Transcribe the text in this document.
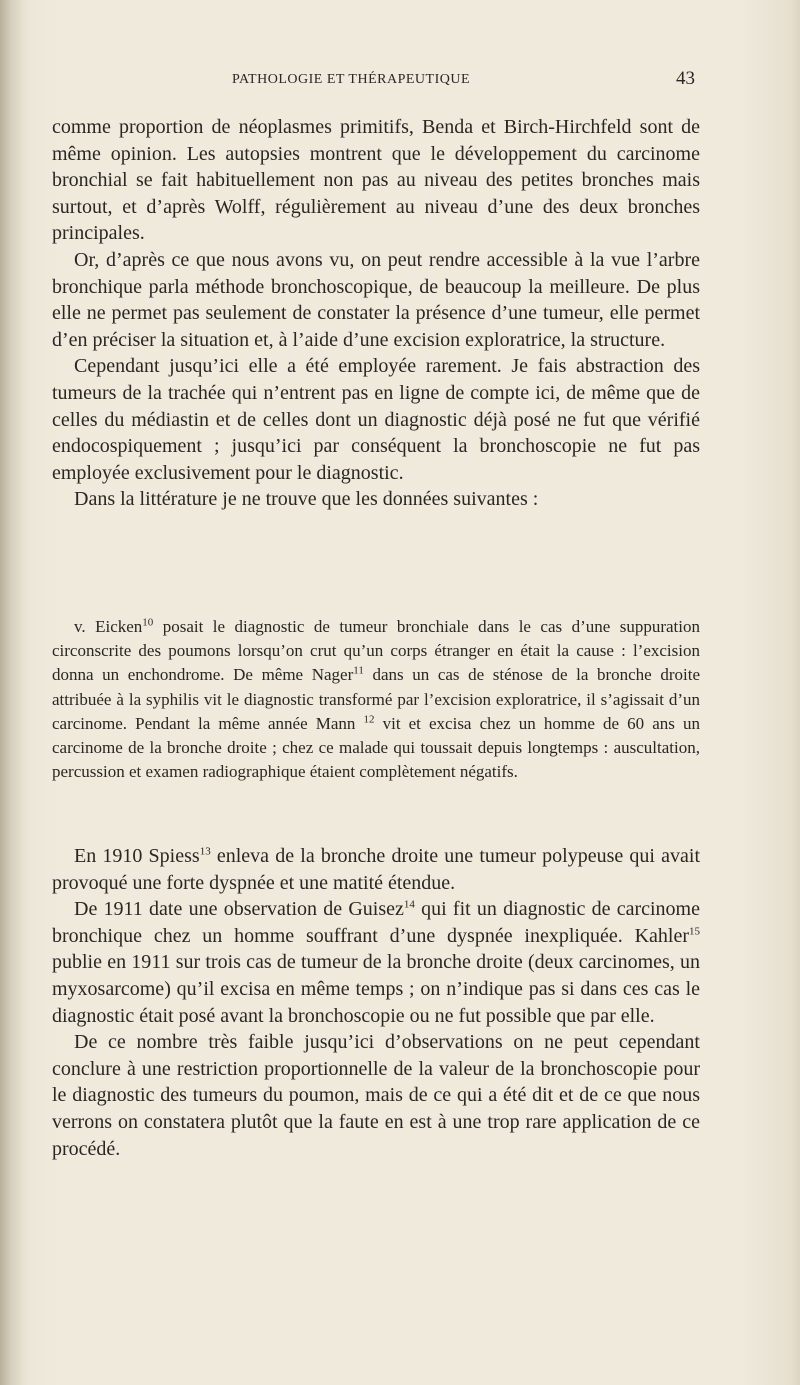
PATHOLOGIE ET THÉRAPEUTIQUE	43

comme proportion de néoplasmes primitifs, Benda et Birch-Hirchfeld sont de même opinion. Les autopsies montrent que le développement du carcinome bronchial se fait habituellement non pas au niveau des petites bronches mais surtout, et d’après Wolff, régulièrement au niveau d’une des deux bronches principales.

Or, d’après ce que nous avons vu, on peut rendre accessible à la vue l’arbre bronchique parla méthode bronchoscopique, de beaucoup la meilleure. De plus elle ne permet pas seulement de constater la présence d’une tumeur, elle permet d’en préciser la situation et, à l’aide d’une excision exploratrice, la structure.

Cependant jusqu’ici elle a été employée rarement. Je fais abstraction des tumeurs de la trachée qui n’entrent pas en ligne de compte ici, de même que de celles du médiastin et de celles dont un diagnostic déjà posé ne fut que vérifié endocospiquement ; jusqu’ici par conséquent la bronchoscopie ne fut pas employée exclusivement pour le diagnostic.

Dans la littérature je ne trouve que les données suivantes :

v. Eicken$^{10}$ posait le diagnostic de tumeur bronchiale dans le cas d’une suppuration circonscrite des poumons lorsqu’on crut qu’un corps étranger en était la cause : l’excision donna un enchondrome. De même Nager$^{11}$ dans un cas de sténose de la bronche droite attribuée à la syphilis vit le diagnostic transformé par l’excision exploratrice, il s’agissait d’un carcinome. Pendant la même année Mann $^{12}$ vit et excisa chez un homme de 60 ans un carcinome de la bronche droite ; chez ce malade qui toussait depuis longtemps : auscultation, percussion et examen radiographique étaient complètement négatifs.

En 1910 Spiess$^{13}$ enleva de la bronche droite une tumeur polypeuse qui avait provoqué une forte dyspnée et une matité étendue.

De 1911 date une observation de Guisez$^{14}$ qui fit un diagnostic de carcinome bronchique chez un homme souffrant d’une dyspnée inexpliquée. Kahler$^{15}$ publie en 1911 sur trois cas de tumeur de la bronche droite (deux carcinomes, un myxosarcome) qu’il excisa en même temps ; on n’indique pas si dans ces cas le diagnostic était posé avant la bronchoscopie ou ne fut possible que par elle.

De ce nombre très faible jusqu’ici d’observations on ne peut cependant conclure à une restriction proportionnelle de la valeur de la bronchoscopie pour le diagnostic des tumeurs du poumon, mais de ce qui a été dit et de ce que nous verrons on constatera plutôt que la faute en est à une trop rare application de ce procédé.
